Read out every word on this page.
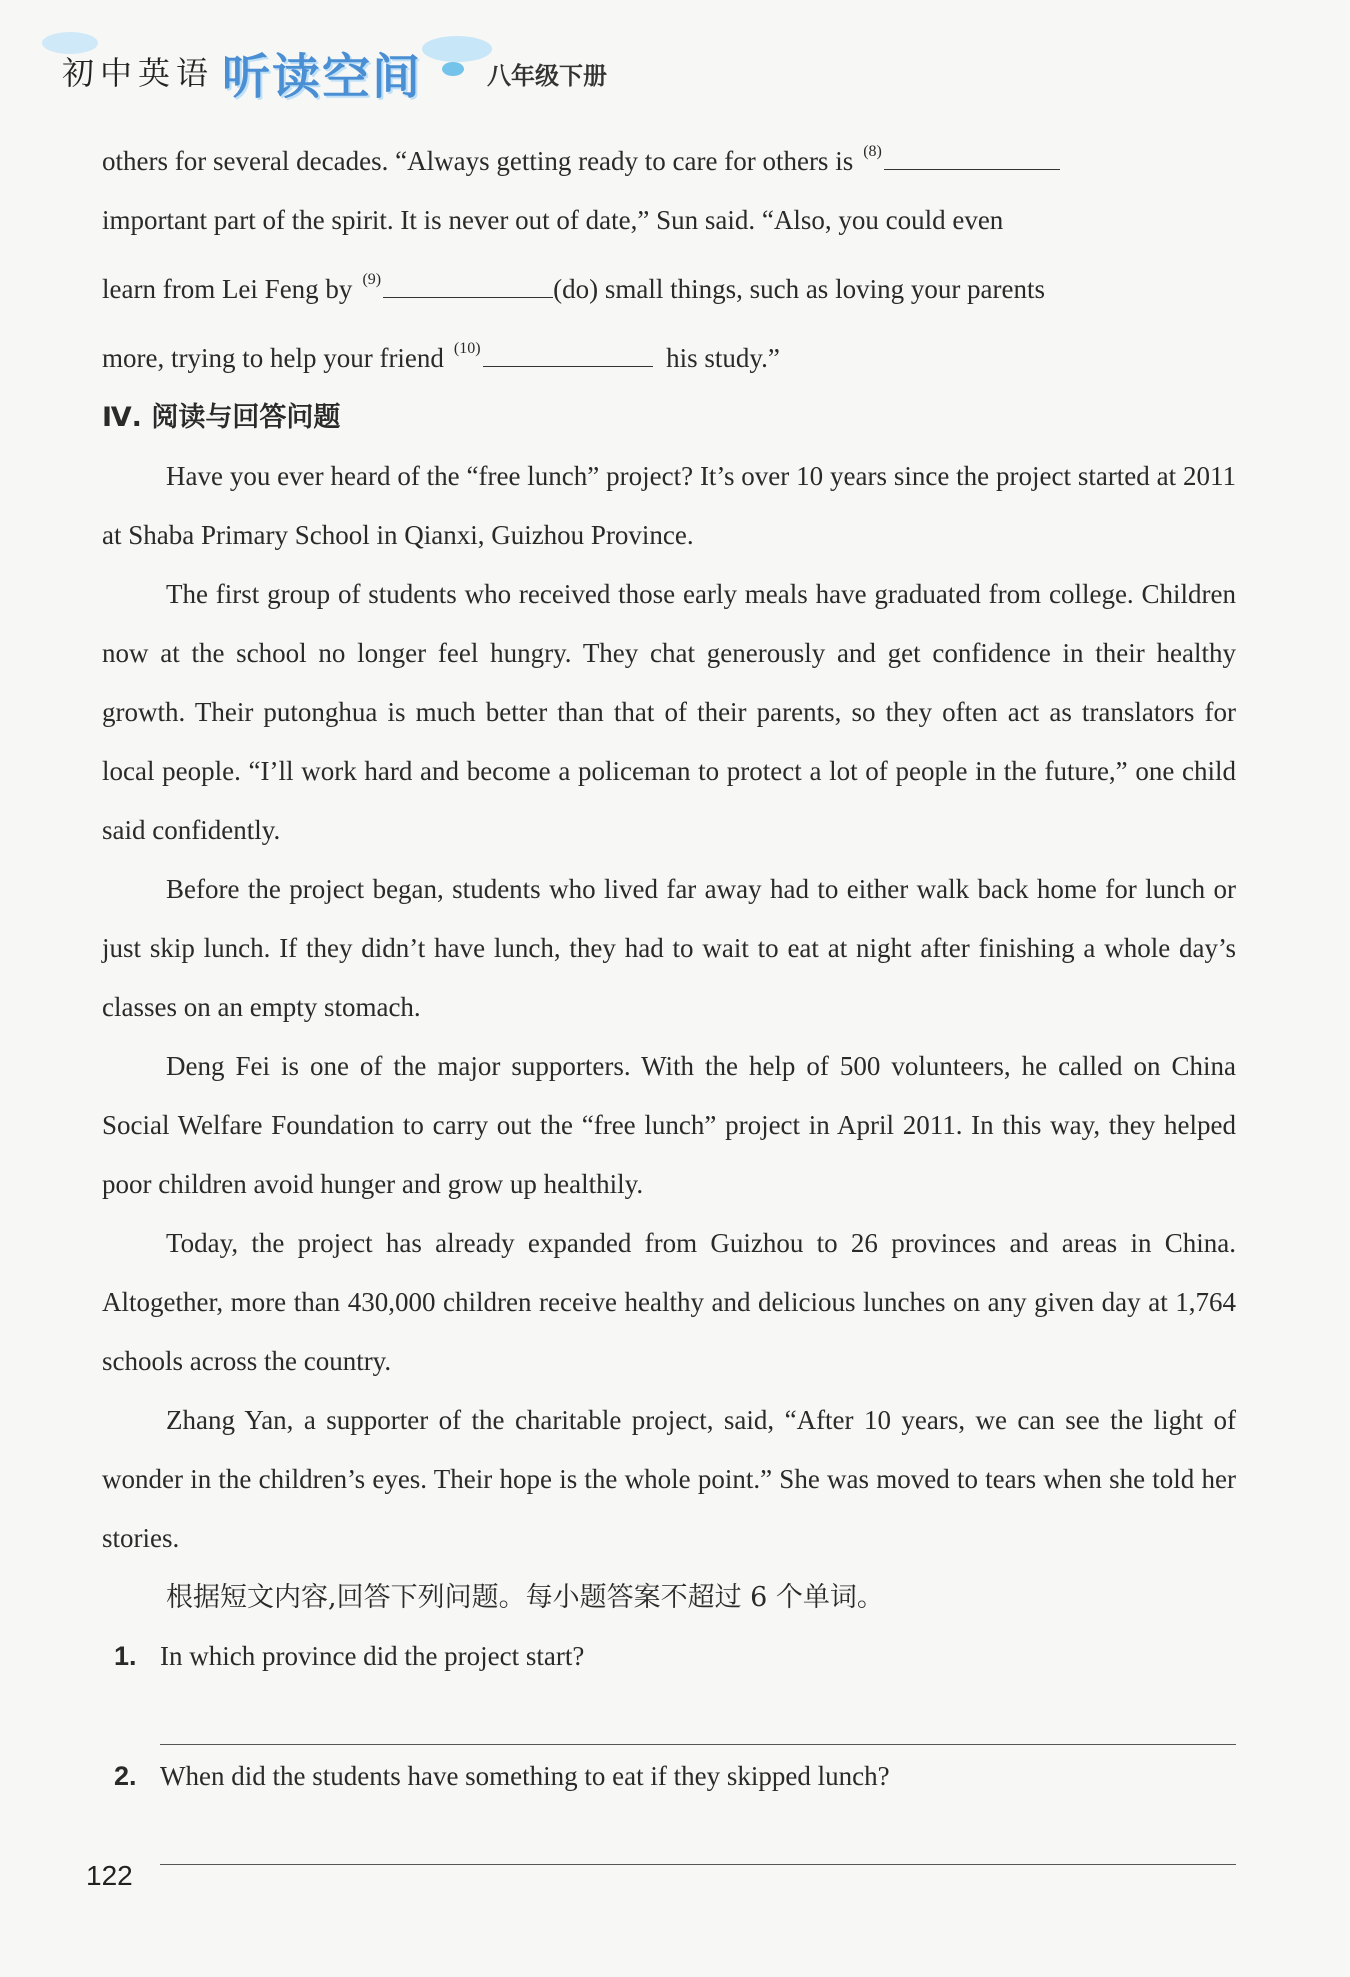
初中英语 听读空间	八年级下册
others for several decades. “Always getting ready to care for others is $^{(8)}$
important part of the spirit. It is never out of date,” Sun said. “Also, you could even
learn from Lei Feng by $^{(9)}$	(do) small things, such as loving your parents
more, trying to help your friend $^{(10)}$	his study.”

Ⅳ. 阅读与回答问题

Have you ever heard of the “free lunch” project? It’s over 10 years since the project started at 2011 at Shaba Primary School in Qianxi, Guizhou Province.

The first group of students who received those early meals have graduated from college. Children now at the school no longer feel hungry. They chat generously and get confidence in their healthy growth. Their putonghua is much better than that of their parents, so they often act as translators for local people. “I’ll work hard and become a policeman to protect a lot of people in the future,” one child said confidently.

Before the project began, students who lived far away had to either walk back home for lunch or just skip lunch. If they didn’t have lunch, they had to wait to eat at night after finishing a whole day’s classes on an empty stomach.

Deng Fei is one of the major supporters. With the help of 500 volunteers, he called on China Social Welfare Foundation to carry out the “free lunch” project in April 2011. In this way, they helped poor children avoid hunger and grow up healthily.

Today, the project has already expanded from Guizhou to 26 provinces and areas in China. Altogether, more than 430,000 children receive healthy and delicious lunches on any given day at 1,764 schools across the country.

Zhang Yan, a supporter of the charitable project, said, “After 10 years, we can see the light of wonder in the children’s eyes. Their hope is the whole point.” She was moved to tears when she told her stories.

根据短文内容,回答下列问题。每小题答案不超过 6 个单词。

1. In which province did the project start?

2. When did the students have something to eat if they skipped lunch?

122
